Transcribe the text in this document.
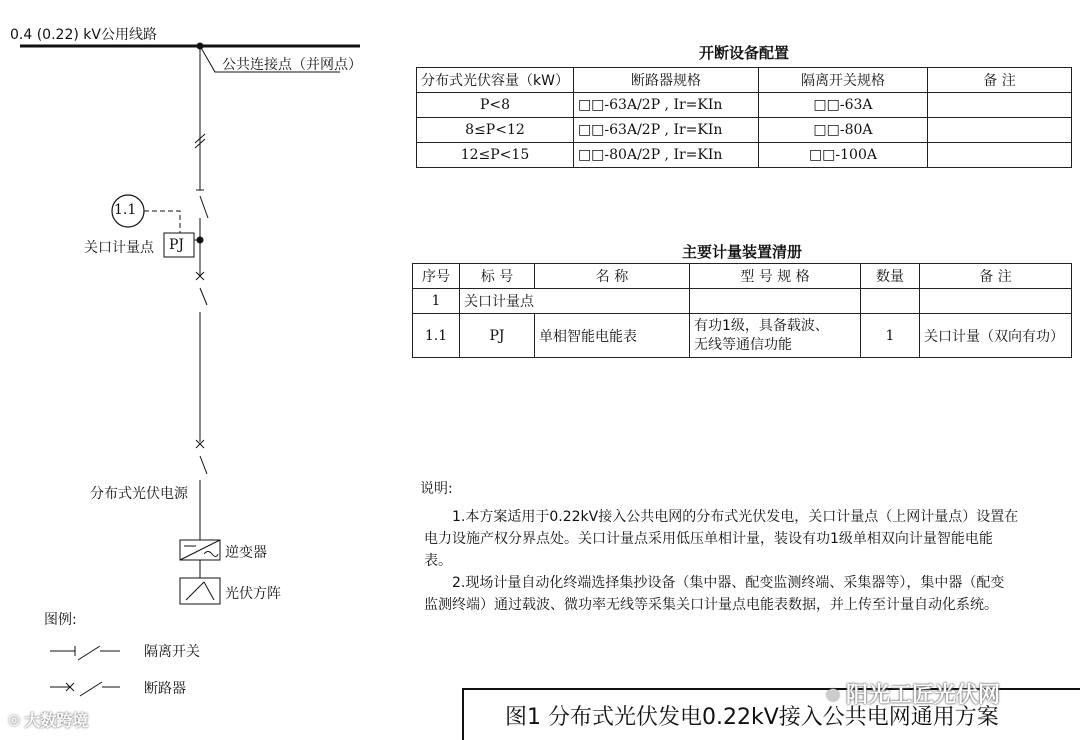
0.4 (0.22) kV公用线路
公共连接点（并网点）
1.1
关口计量点 PJ
分布式光伏电源
逆变器
光伏方阵
图例:
隔离开关
断路器
开断设备配置
分布式光伏容量（kW）	断路器规格	隔离开关规格	备 注
P<8	□□-63A/2P , Ir=KIn	□□-63A	
8≤P<12	□□-63A/2P , Ir=KIn	□□-80A	
12≤P<15	□□-80A/2P , Ir=KIn	□□-100A	
主要计量装置清册
序号	标 号	名 称	型 号 规 格	数量	备 注
1	关口计量点				
1.1	PJ	单相智能电能表	有功1级，具备载波、
无线等通信功能	1	关口计量（双向有功）

说明:

1.本方案适用于0.22kV接入公共电网的分布式光伏发电，关口计量点（上网计量点）设置在

电力设施产权分界点处。关口计量点采用低压单相计量，装设有功1级单相双向计量智能电能

表。

2.现场计量自动化终端选择集抄设备（集中器、配变监测终端、采集器等），集中器（配变

监测终端）通过载波、微功率无线等采集关口计量点电能表数据，并上传至计量自动化系统。

图1 分布式光伏发电0.22kV接入公共电网通用方案
◎ 大数跨境
● 阳光工匠光伏网
